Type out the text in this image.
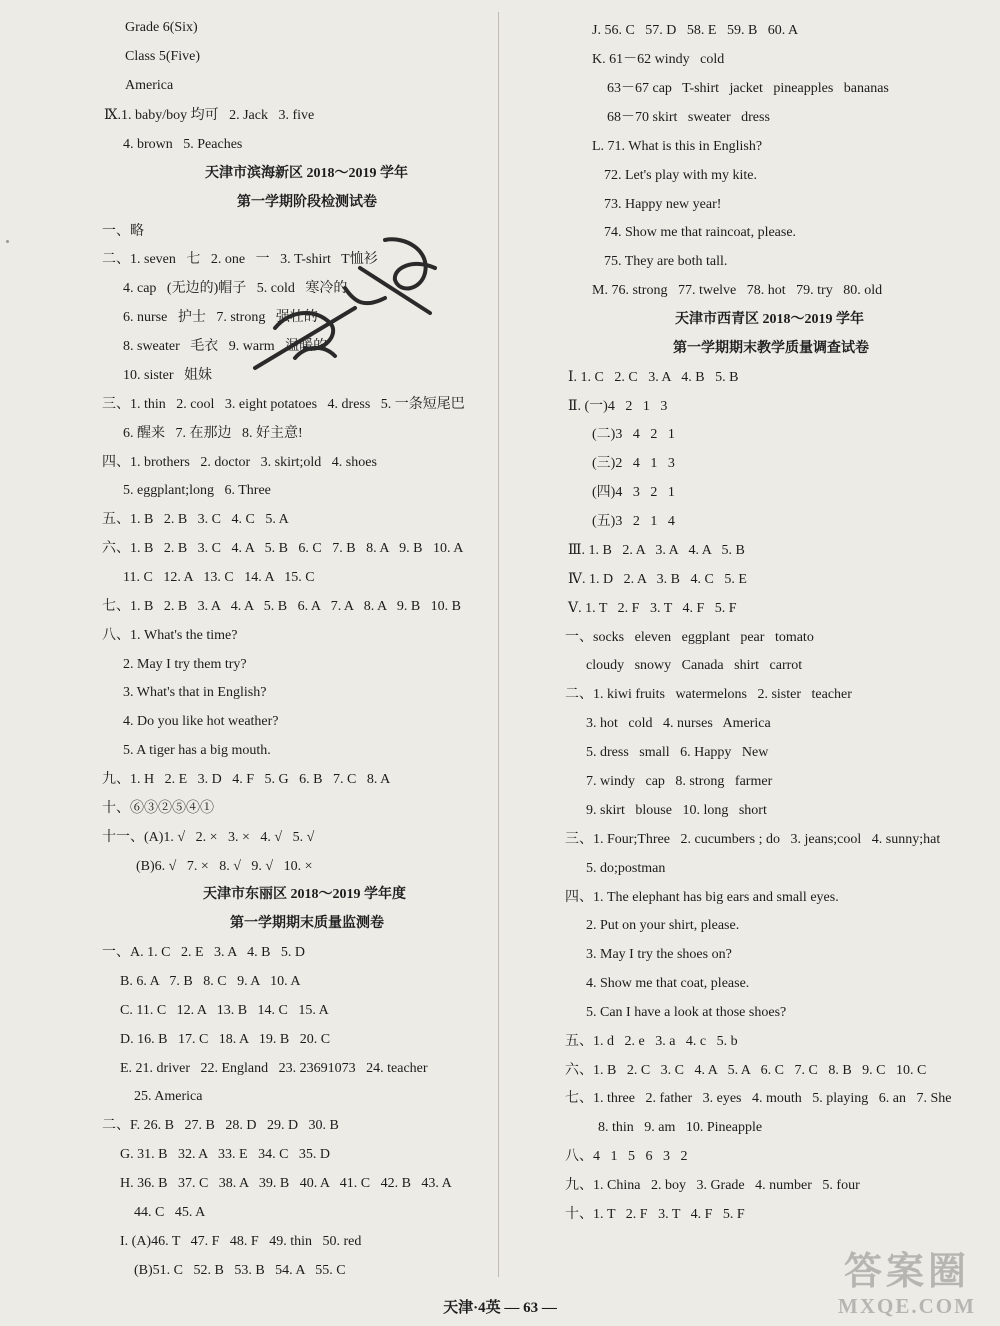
Grade 6(Six)
Class 5(Five)
America
Ⅸ.1. baby/boy 均可   2. Jack   3. five
4. brown   5. Peaches
天津市滨海新区 2018～2019 学年
第一学期阶段检测试卷
一、略
二、1. seven   七   2. one   一   3. T-shirt   T恤衫
4. cap   (无边的)帽子   5. cold   寒冷的
6. nurse   护士   7. strong   强壮的
8. sweater   毛衣   9. warm   温暖的
10. sister   姐妹
三、1. thin   2. cool   3. eight potatoes   4. dress   5. 一条短尾巴
6. 醒来   7. 在那边   8. 好主意!
四、1. brothers   2. doctor   3. skirt;old   4. shoes
5. eggplant;long   6. Three
五、1. B   2. B   3. C   4. C   5. A
六、1. B   2. B   3. C   4. A   5. B   6. C   7. B   8. A   9. B   10. A
11. C   12. A   13. C   14. A   15. C
七、1. B   2. B   3. A   4. A   5. B   6. A   7. A   8. A   9. B   10. B
八、1. What's the time?
2. May I try them try?
3. What's that in English?
4. Do you like hot weather?
5. A tiger has a big mouth.
九、1. H   2. E   3. D   4. F   5. G   6. B   7. C   8. A
十、⑥③②⑤④①
十一、(A)1. √   2. ×   3. ×   4. √   5. √
(B)6. √   7. ×   8. √   9. √   10. ×
天津市东丽区 2018～2019 学年度
第一学期期末质量监测卷
一、A. 1. C   2. E   3. A   4. B   5. D
B. 6. A   7. B   8. C   9. A   10. A
C. 11. C   12. A   13. B   14. C   15. A
D. 16. B   17. C   18. A   19. B   20. C
E. 21. driver   22. England   23. 23691073   24. teacher
25. America
二、F. 26. B   27. B   28. D   29. D   30. B
G. 31. B   32. A   33. E   34. C   35. D
H. 36. B   37. C   38. A   39. B   40. A   41. C   42. B   43. A
44. C   45. A
I. (A)46. T   47. F   48. F   49. thin   50. red
(B)51. C   52. B   53. B   54. A   55. C
J. 56. C   57. D   58. E   59. B   60. A
K. 61－62 windy   cold
63－67 cap   T-shirt   jacket   pineapples   bananas
68－70 skirt   sweater   dress
L. 71. What is this in English?
72. Let's play with my kite.
73. Happy new year!
74. Show me that raincoat, please.
75. They are both tall.
M. 76. strong   77. twelve   78. hot   79. try   80. old
天津市西青区 2018～2019 学年
第一学期期末教学质量调查试卷
Ⅰ. 1. C   2. C   3. A   4. B   5. B
Ⅱ. (一)4   2   1   3
(二)3   4   2   1
(三)2   4   1   3
(四)4   3   2   1
(五)3   2   1   4
Ⅲ. 1. B   2. A   3. A   4. A   5. B
Ⅳ. 1. D   2. A   3. B   4. C   5. E
Ⅴ. 1. T   2. F   3. T   4. F   5. F
一、socks   eleven   eggplant   pear   tomato
cloudy   snowy   Canada   shirt   carrot
二、1. kiwi fruits   watermelons   2. sister   teacher
3. hot   cold   4. nurses   America
5. dress   small   6. Happy   New
7. windy   cap   8. strong   farmer
9. skirt   blouse   10. long   short
三、1. Four;Three   2. cucumbers ; do   3. jeans;cool   4. sunny;hat
5. do;postman
四、1. The elephant has big ears and small eyes.
2. Put on your shirt, please.
3. May I try the shoes on?
4. Show me that coat, please.
5. Can I have a look at those shoes?
五、1. d   2. e   3. a   4. c   5. b
六、1. B   2. C   3. C   4. A   5. A   6. C   7. C   8. B   9. C   10. C
七、1. three   2. father   3. eyes   4. mouth   5. playing   6. an   7. She
8. thin   9. am   10. Pineapple
八、4   1   5   6   3   2
九、1. China   2. boy   3. Grade   4. number   5. four
十、1. T   2. F   3. T   4. F   5. F
天津·4英 — 63 —
答案圈
MXQE.COM
